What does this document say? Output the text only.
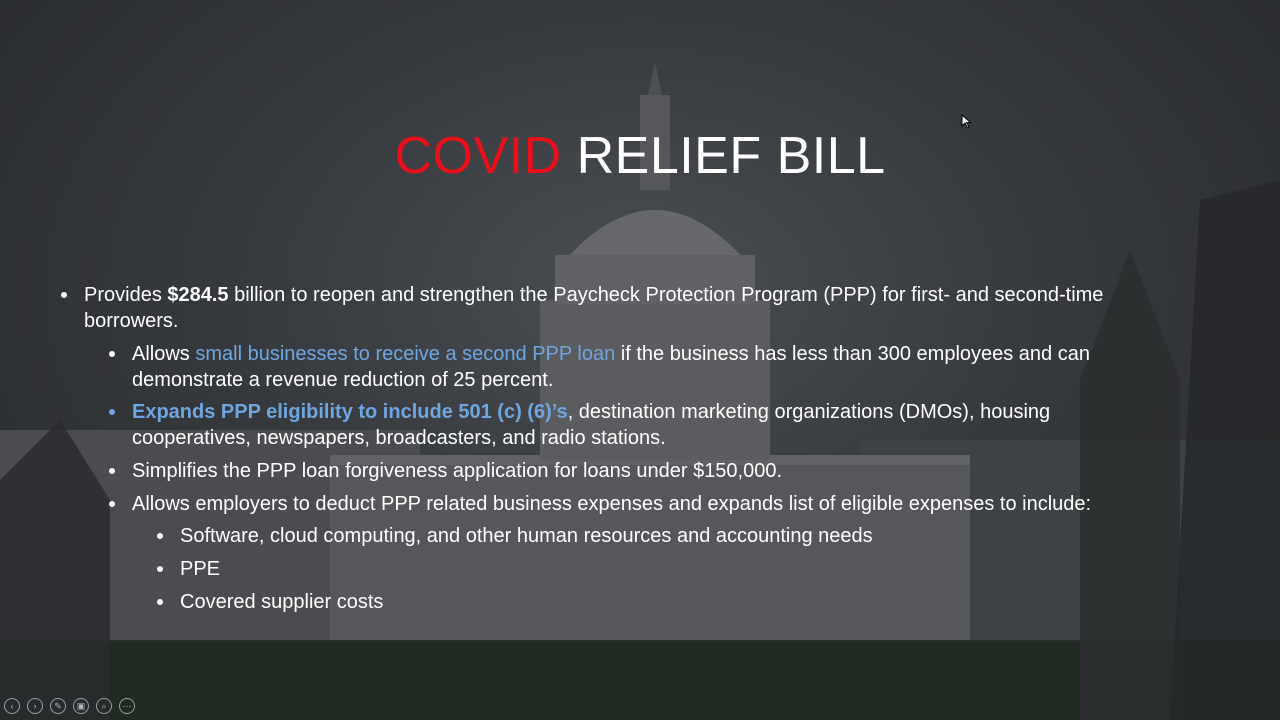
COVID RELIEF BILL
Provides $284.5 billion to reopen and strengthen the Paycheck Protection Program (PPP) for first- and second-time
borrowers.
Allows small businesses to receive a second PPP loan if the business has less than 300 employees and can
demonstrate a revenue reduction of 25 percent.
Expands PPP eligibility to include 501 (c) (6)’s, destination marketing organizations (DMOs), housing
cooperatives, newspapers, broadcasters, and radio stations.
Simplifies the PPP loan forgiveness application for loans under $150,000.
Allows employers to deduct PPP related business expenses and expands list of eligible expenses to include:
Software, cloud computing, and other human resources and accounting needs
PPE
Covered supplier costs
‹	›	✎	▣	⌕	⋯
